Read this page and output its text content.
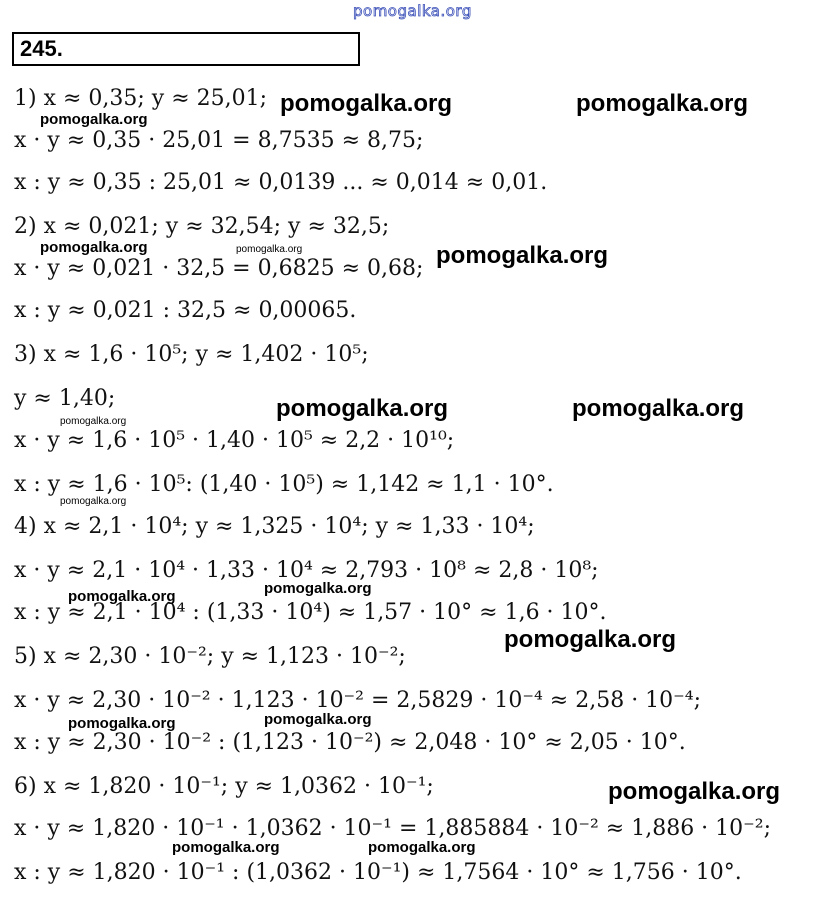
pomogalka.org
245.
1) x ≈ 0,35; y ≈ 25,01;
x · y ≈ 0,35 · 25,01 = 8,7535 ≈ 8,75;
x : y ≈ 0,35 : 25,01 ≈ 0,0139 ... ≈ 0,014 ≈ 0,01.
2) x ≈ 0,021; y ≈ 32,54; y ≈ 32,5;
x · y ≈ 0,021 · 32,5 = 0,6825 ≈ 0,68;
x : y ≈ 0,021 : 32,5 ≈ 0,00065.
3) x ≈ 1,6 · 10⁵; y ≈ 1,402 · 10⁵;
y ≈ 1,40;
x · y ≈ 1,6 · 10⁵ · 1,40 · 10⁵ ≈ 2,2 · 10¹⁰;
x : y ≈ 1,6 · 10⁵: (1,40 · 10⁵) ≈ 1,142 ≈ 1,1 · 10°.
4) x ≈ 2,1 · 10⁴; y ≈ 1,325 · 10⁴; y ≈ 1,33 · 10⁴;
x · y ≈ 2,1 · 10⁴ · 1,33 · 10⁴ ≈ 2,793 · 10⁸ ≈ 2,8 · 10⁸;
x : y ≈ 2,1 · 10⁴ : (1,33 · 10⁴) ≈ 1,57 · 10° ≈ 1,6 · 10°.
5) x ≈ 2,30 · 10⁻²; y ≈ 1,123 · 10⁻²;
x · y ≈ 2,30 · 10⁻² · 1,123 · 10⁻² = 2,5829 · 10⁻⁴ ≈ 2,58 · 10⁻⁴;
x : y ≈ 2,30 · 10⁻² : (1,123 · 10⁻²) ≈ 2,048 · 10° ≈ 2,05 · 10°.
6) x ≈ 1,820 · 10⁻¹; y ≈ 1,0362 · 10⁻¹;
x · y ≈ 1,820 · 10⁻¹ · 1,0362 · 10⁻¹ = 1,885884 · 10⁻² ≈ 1,886 · 10⁻²;
x : y ≈ 1,820 · 10⁻¹ : (1,0362 · 10⁻¹) ≈ 1,7564 · 10° ≈ 1,756 · 10°.
pomogalka.org	pomogalka.org
pomogalka.org
pomogalka.org	pomogalka.org	pomogalka.org
pomogalka.org	pomogalka.org
pomogalka.org
pomogalka.org
pomogalka.org
pomogalka.org
pomogalka.org
pomogalka.org	pomogalka.org
pomogalka.org
pomogalka.org	pomogalka.org
